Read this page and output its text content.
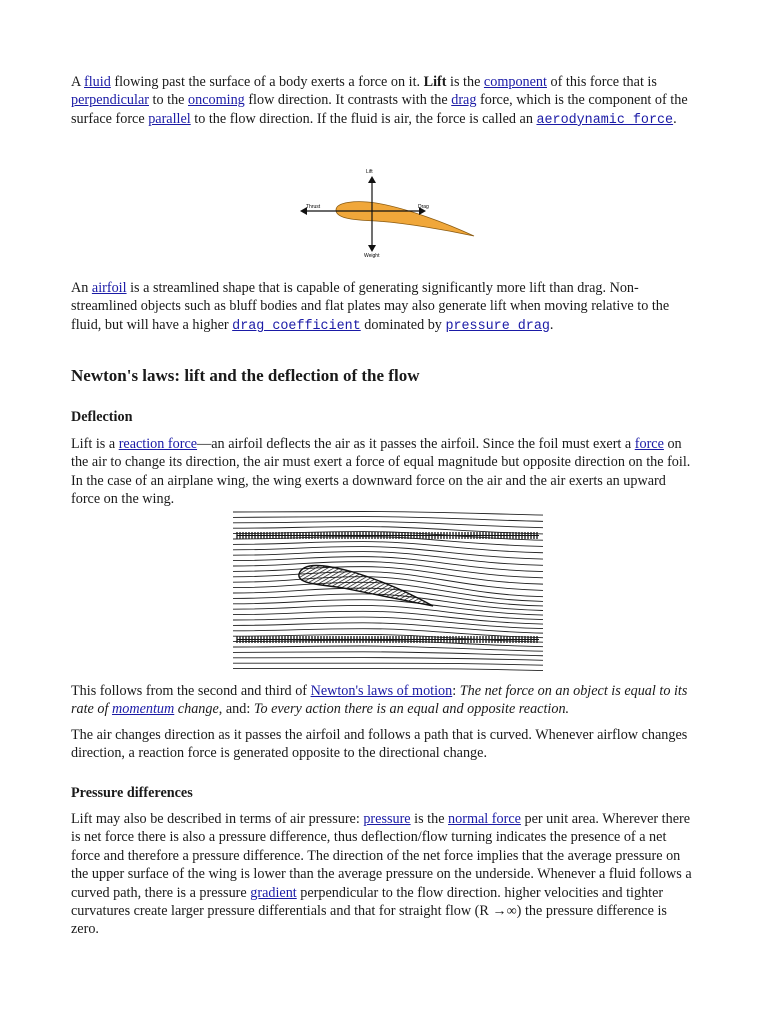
A fluid flowing past the surface of a body exerts a force on it. Lift is the component of this force that is perpendicular to the oncoming flow direction. It contrasts with the drag force, which is the component of the surface force parallel to the flow direction. If the fluid is air, the force is called an aerodynamic force.

Lift
Thrust	Drag
Weight

An airfoil is a streamlined shape that is capable of generating significantly more lift than drag. Non-streamlined objects such as bluff bodies and flat plates may also generate lift when moving relative to the fluid, but will have a higher drag coefficient dominated by pressure drag.

Newton's laws: lift and the deflection of the flow
Deflection

Lift is a reaction force—an airfoil deflects the air as it passes the airfoil. Since the foil must exert a force on the air to change its direction, the air must exert a force of equal magnitude but opposite direction on the foil. In the case of an airplane wing, the wing exerts a downward force on the air and the air exerts an upward force on the wing.

This follows from the second and third of Newton's laws of motion: The net force on an object is equal to its rate of momentum change, and: To every action there is an equal and opposite reaction.

The air changes direction as it passes the airfoil and follows a path that is curved. Whenever airflow changes direction, a reaction force is generated opposite to the directional change.

Pressure differences

Lift may also be described in terms of air pressure: pressure is the normal force per unit area. Wherever there is net force there is also a pressure difference, thus deflection/flow turning indicates the presence of a net force and therefore a pressure difference. The direction of the net force implies that the average pressure on the upper surface of the wing is lower than the average pressure on the underside. Whenever a fluid follows a curved path, there is a pressure gradient perpendicular to the flow direction. higher velocities and tighter curvatures create larger pressure differentials and that for straight flow (R →∞) the pressure difference is zero.
